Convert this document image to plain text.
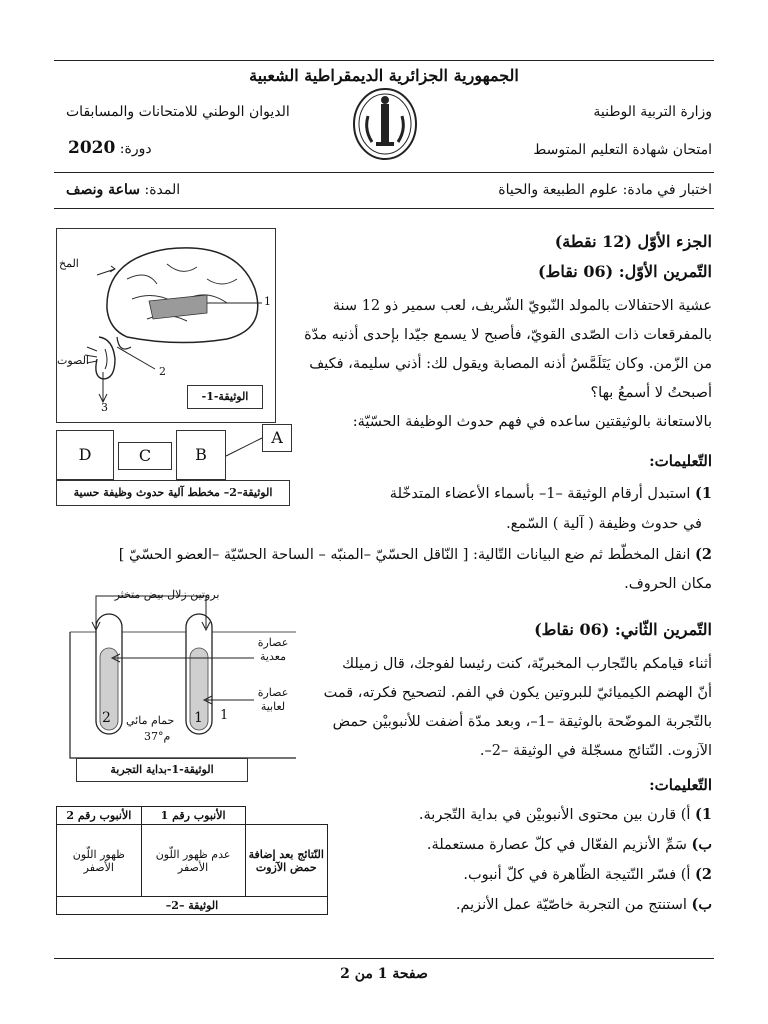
الجمهورية الجزائرية الديمقراطية الشعبية
وزارة التربية الوطنية
الديوان الوطني للامتحانات والمسابقات
امتحان شهادة التعليم المتوسط
دورة: 2020
اختبار في مادة: علوم الطبيعة والحياة
المدة: ساعة ونصف
الجزء الأوّل (12 نقطة)
التّمرين الأوّل: (06 نقاط)

عشية الاحتفالات بالمولد النّبويّ الشّريف، لعب سمير ذو 12 سنة

بالمفرقعات ذات الصّدى القويّ، فأصبح لا يسمع جيّدا بإحدى أذنيه مدّة

من الزّمن. وكان يَتَلَمَّسُ أذنه المصابة ويقول لك: أذني سليمة، فكيف

أصبحتُ لا أسمعُ بها؟

بالاستعانة بالوثيقتين ساعده في فهم حدوث الوظيفة الحسّيّة:
التّعليمات:
1) استبدل أرقام الوثيقة –1– بأسماء الأعضاء المتدخّلة
في حدوث وظيفة ( آلية ) السّمع.
2) انقل المخطّط ثم ضع البيانات التّالية: [ النّاقل الحسّيّ –المنبّه – الساحة الحسّيّة –العضو الحسّيّ ]
مكان الحروف.
المخ
الصوت
1
2
3
الوثيقة-1-
D	C	B
A
الوثيقة–2– مخطط آلية حدوث وظيفة حسية
التّمرين الثّاني: (06 نقاط)

أثناء قيامكم بالتّجارب المخبريّة، كنت رئيسا لفوجك، قال زميلك

أنّ الهضم الكيميائيّ للبروتين يكون في الفم. لتصحيح فكرته، قمت

بالتّجربة الموضّحة بالوثيقة –1–، وبعد مدّة أضفت للأنبوبيْن حمض

الآزوت. النّتائج مسجّلة في الوثيقة –2–.

التّعليمات:
1) أ) قارن بين محتوى الأنبوبيْن في بداية التّجربة.
ب) سَمِّ الأنزيم الفعّال في كلّ عصارة مستعملة.
2) أ) فسّر النّتيجة الظّاهرة في كلّ أنبوب.
ب) استنتج من التجربة خاصّيّة عمل الأنزيم.
بروتين زلال بيض متخثر
عصارة معدية
عصارة لعابية
حمام مائي
37°م
2	1 1
الوثيقة-1-بداية التجربة
	الأنبوب رقم 1	الأنبوب رقم 2
النّتائج بعد إضافة حمض الآزوت	عدم ظهور اللّون الأصفر	ظهور اللّون الأصفر
الوثيقة –2–		
صفحة 1 من 2
